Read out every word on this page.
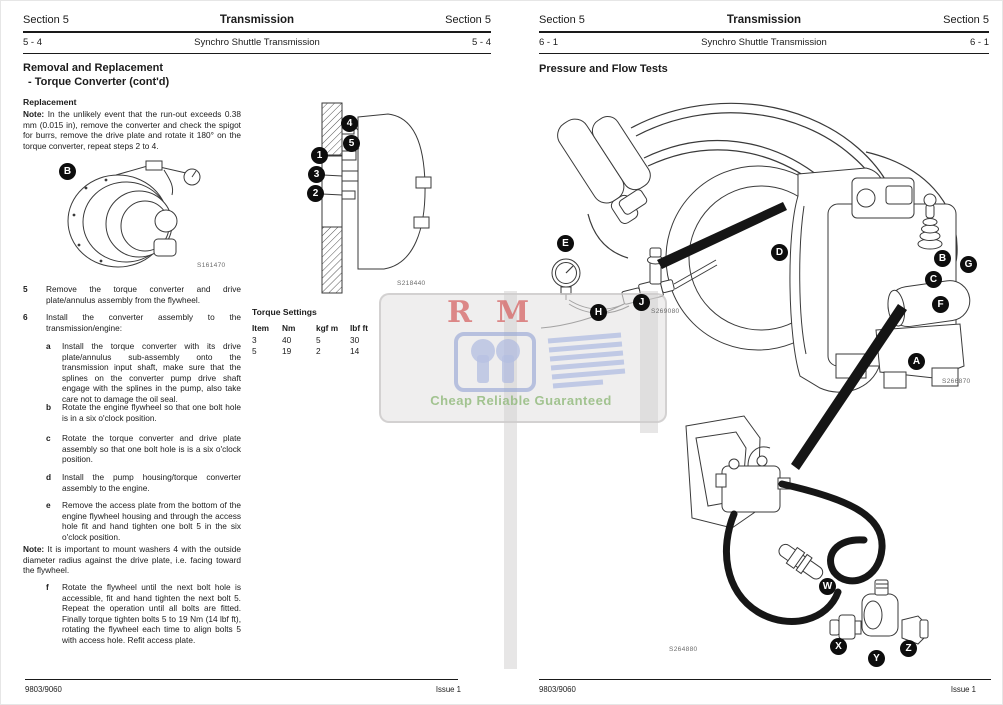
Section 5	Transmission	Section 5
5 - 4	Synchro Shuttle Transmission	5 - 4
Removal and Replacement
- Torque Converter (cont'd)
Replacement
Note: In the unlikely event that the run-out exceeds 0.38 mm (0.015 in), remove the converter and check the spigot for burrs, remove the drive plate and rotate it 180° on the torque converter, repeat steps 2 to 4.
B
S161470
4
5
1
3
2
S218440
5 Remove the torque converter and drive plate/annulus assembly from the flywheel.
6 Install the converter assembly to the transmission/engine:
a Install the torque converter with its drive plate/annulus sub-assembly onto the transmission input shaft, make sure that the splines on the converter pump drive shaft engage with the splines in the pump, also take care not to damage the oil seal.
b Rotate the engine flywheel so that one bolt hole is in a six o'clock position.
c Rotate the torque converter and drive plate assembly so that one bolt hole is is a six o'clock position.
d Install the pump housing/torque converter assembly to the engine.
e Remove the access plate from the bottom of the engine flywheel housing and through the access hole fit and hand tighten one bolt 5 in the six o'clock position.
Note: It is important to mount washers 4 with the outside diameter radius against the drive plate, i.e. facing toward the flywheel.
f Rotate the flywheel until the next bolt hole is accessible, fit and hand tighten the next bolt 5. Repeat the operation until all bolts are fitted. Finally torque tighten bolts 5 to 19 Nm (14 lbf ft), rotating the flywheel each time to align bolts 5 with access hole. Refit access plate.
Torque Settings
Item	Nm	kgf m	lbf ft
3	40	5	30
5	19	2	14
9803/9060	Issue 1
Section 5	Transmission	Section 5
6 - 1	Synchro Shuttle Transmission	6 - 1
Pressure and Flow Tests
E
H
J
D
B
G
C
F
A
S269080
S266870
W
X
Y
Z
S264880
9803/9060	Issue 1
R M
Cheap Reliable Guaranteed
